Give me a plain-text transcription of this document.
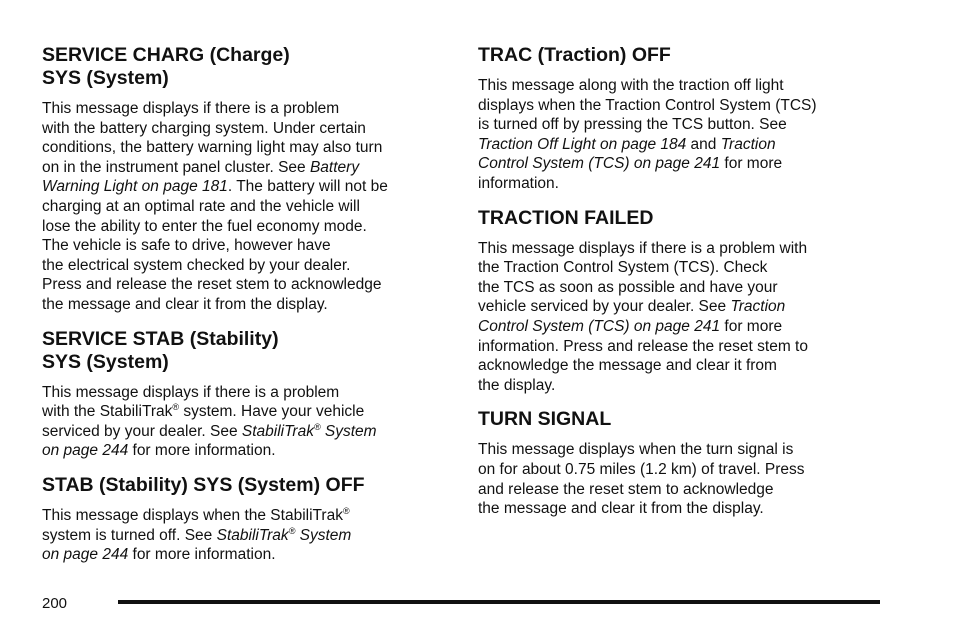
SERVICE CHARG (Charge)
SYS (System)

This message displays if there is a problem
with the battery charging system. Under certain
conditions, the battery warning light may also turn
on in the instrument panel cluster. See Battery
Warning Light on page 181. The battery will not be
charging at an optimal rate and the vehicle will
lose the ability to enter the fuel economy mode.
The vehicle is safe to drive, however have
the electrical system checked by your dealer.
Press and release the reset stem to acknowledge
the message and clear it from the display.

SERVICE STAB (Stability)
SYS (System)

This message displays if there is a problem
with the StabiliTrak® system. Have your vehicle
serviced by your dealer. See StabiliTrak® System
on page 244 for more information.

STAB (Stability) SYS (System) OFF

This message displays when the StabiliTrak®
system is turned off. See StabiliTrak® System
on page 244 for more information.

TRAC (Traction) OFF

This message along with the traction off light
displays when the Traction Control System (TCS)
is turned off by pressing the TCS button. See
Traction Off Light on page 184 and Traction
Control System (TCS) on page 241 for more
information.

TRACTION FAILED

This message displays if there is a problem with
the Traction Control System (TCS). Check
the TCS as soon as possible and have your
vehicle serviced by your dealer. See Traction
Control System (TCS) on page 241 for more
information. Press and release the reset stem to
acknowledge the message and clear it from
the display.

TURN SIGNAL

This message displays when the turn signal is
on for about 0.75 miles (1.2 km) of travel. Press
and release the reset stem to acknowledge
the message and clear it from the display.

200
